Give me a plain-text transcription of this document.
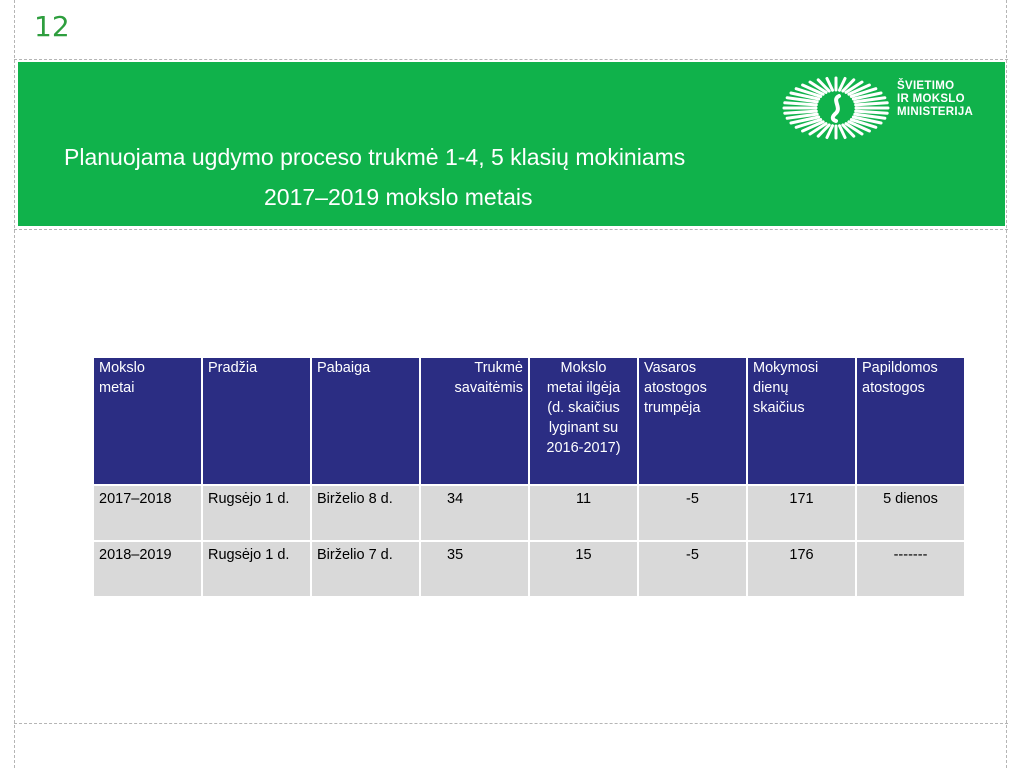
12
Planuojama ugdymo proceso trukmė 1-4, 5 klasių mokiniams
2017–2019 mokslo metais
ŠVIETIMO
IR MOKSLO
MINISTERIJA
Mokslo
metai	Pradžia	Pabaiga	Trukmė
savaitėmis	Mokslo
metai ilgėja
(d. skaičius
lyginant su
2016-2017)	Vasaros
atostogos
trumpėja	Mokymosi
dienų
skaičius	Papildomos
atostogos
2017–2018	Rugsėjo 1 d.	Birželio 8 d.	34	11	-5	171	5 dienos
2018–2019	Rugsėjo 1 d.	Birželio 7 d.	35	15	-5	176	-------
